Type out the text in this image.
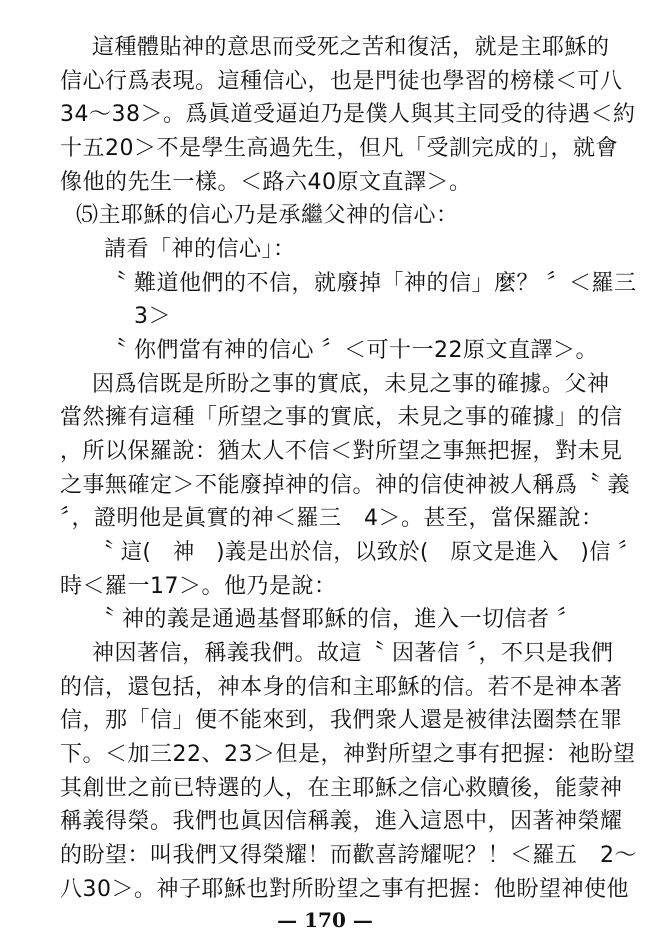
這種體貼神的意思而受死之苦和復活，就是主耶穌的
信心行爲表現。這種信心，也是門徒也學習的榜樣＜可八
34～38＞。爲眞道受逼迫乃是僕人與其主同受的待遇＜約
十五20＞不是學生高過先生，但凡「受訓完成的」，就會
像他的先生一樣。＜路六40原文直譯＞。
⑸主耶穌的信心乃是承繼父神的信心：
請看「神的信心」：
〝 難道他們的不信，就廢掉「神的信」麼？ 〞＜羅三
3＞
〝 你們當有神的信心 〞＜可十一22原文直譯＞。
因爲信既是所盼之事的實底，未見之事的確據。父神
當然擁有這種「所望之事的實底，未見之事的確據」的信
，所以保羅說：猶太人不信＜對所望之事無把握，對未見
之事無確定＞不能廢掉神的信。神的信使神被人稱爲〝 義
〞，證明他是眞實的神＜羅三　4＞。甚至，當保羅說：
〝 這(　神　)義是出於信，以致於(　原文是進入　)信 〞
時＜羅一17＞。他乃是說：
〝 神的義是通過基督耶穌的信，進入一切信者 〞
神因著信，稱義我們。故這〝 因著信 〞，不只是我們
的信，還包括，神本身的信和主耶穌的信。若不是神本著
信，那「信」便不能來到，我們衆人還是被律法圈禁在罪
下。＜加三22、23＞但是，神對所望之事有把握：祂盼望
其創世之前已特選的人，在主耶穌之信心救贖後，能蒙神
稱義得榮。我們也眞因信稱義，進入這恩中，因著神榮耀
的盼望：叫我們又得榮耀！而歡喜誇耀呢？！＜羅五　2～
八30＞。神子耶穌也對所盼望之事有把握：他盼望神使他
— 170 —
